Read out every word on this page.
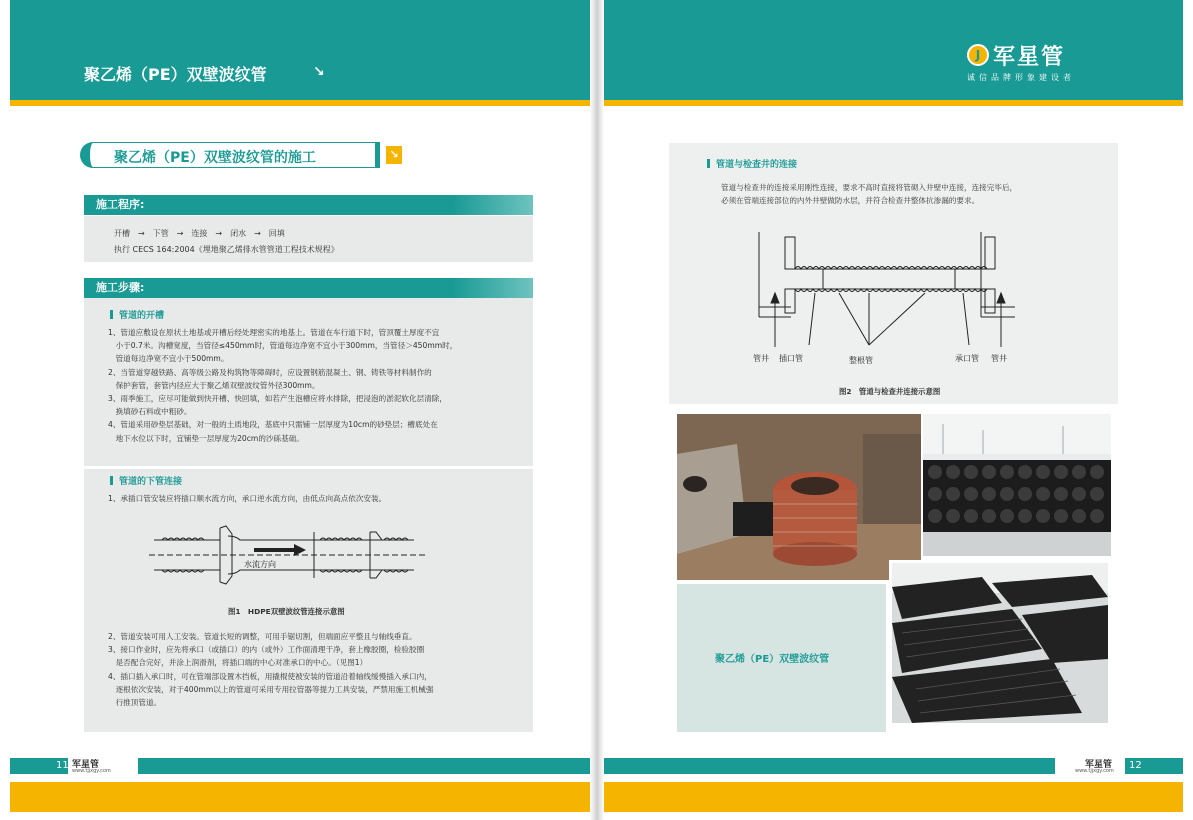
聚乙烯（PE）双壁波纹管	↘
聚乙烯（PE）双壁波纹管的施工	↘
施工程序:
开槽　→　下管　→　连接　→　闭水　→　回填
执行 CECS 164:2004《埋地聚乙烯排水管管道工程技术规程》
施工步骤:
管道的开槽

1、管道应敷设在原状土地基或开槽后经处理密实的地基上。管道在车行道下时，管顶覆土厚度不宜

　小于0.7米。沟槽宽度，当管径≤450mm时，管道每边净宽不宜小于300mm，当管径＞450mm时，

　管道每边净宽不宜小于500mm。

2、当管道穿越铁路、高等级公路及构筑物等障碍时，应设置钢筋混凝土、钢、铸铁等材料制作的

　保护套管，套管内径应大于聚乙烯双壁波纹管外径300mm。

3、雨季施工，应尽可能做到快开槽、快回填，如若产生泡槽应将水排除，把浸泡的淤泥软化层清除，

　换填砂石料或中粗砂。

4、管道采用砂垫层基础，对一般的土质地段，基底中只需铺一层厚度为10cm的砂垫层；槽底处在

　地下水位以下时，宜铺垫一层厚度为20cm的沙砾基础。

管道的下管连接
1、承插口管安装应将插口顺水流方向，承口逆水流方向，由低点向高点依次安装。
水流方向
图1　HDPE双壁波纹管连接示意图

2、管道安装可用人工安装。管道长短的调整，可用手锯切割，但端面应平整且与轴线垂直。

3、接口作业时，应先将承口（或插口）的内（或外）工作面清理干净，套上橡胶圈，检验胶圈

　是否配合完好，并涂上润滑剂，将插口端的中心对准承口的中心。（见图1）

4、插口插入承口时，可在管端部设置木挡板，用撬棍使被安装的管道沿着轴线缓慢插入承口内，

　逐根依次安装，对于400mm以上的管道可采用专用拉管器等提力工具安装，严禁用施工机械强

　行推顶管道。

11 军星管
www.tjjxgy.com
J 军星管
诚信品牌形象建设者
管道与检查井的连接

管道与检查井的连接采用刚性连接，要求不高时直接将管砌入井壁中连接，连接完毕后，

必须在管端连接部位的内外井壁做防水层，并符合检查井整体抗渗漏的要求。

管井 插口管	整根管	承口管 管井
图2　管道与检查井连接示意图
聚乙烯（PE）双壁波纹管
12
军星管
www.tjjxgy.com
